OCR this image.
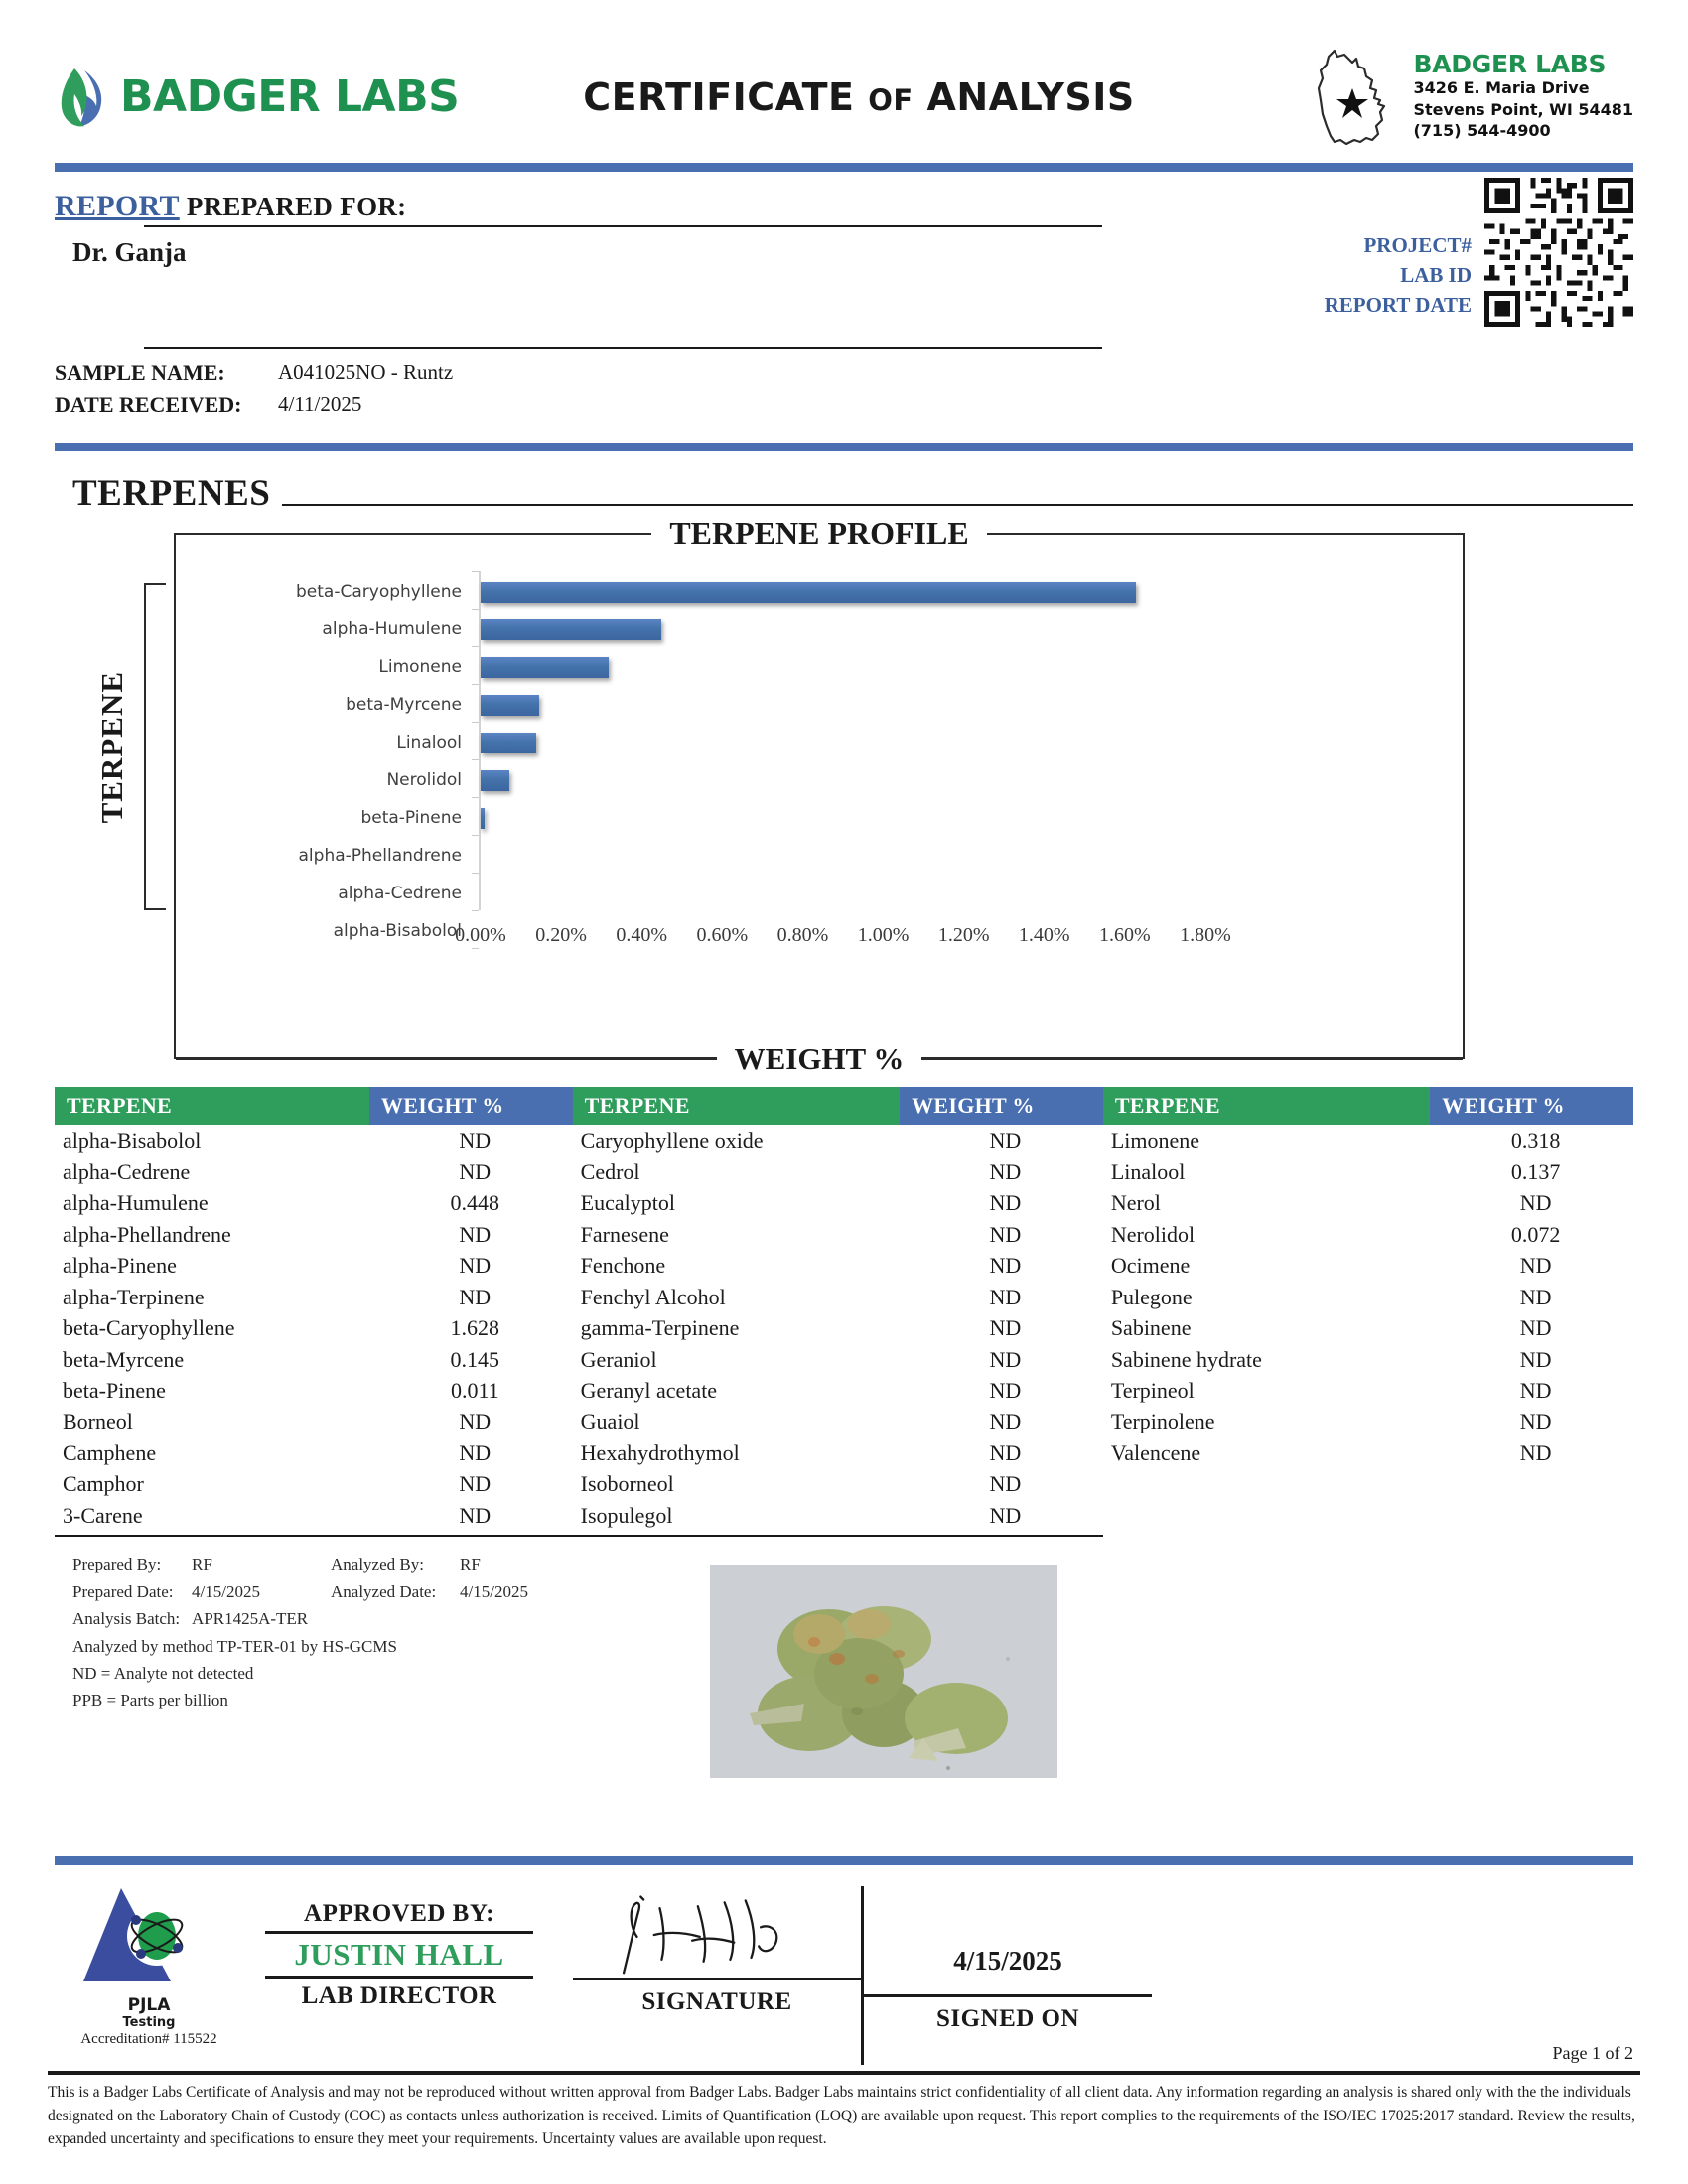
BADGER LABS	CERTIFICATE OF ANALYSIS
BADGER LABS
3426 E. Maria Drive
Stevens Point, WI 54481
(715) 544-4900
REPORT PREPARED FOR:
Dr. Ganja	PROJECT#
LAB ID
REPORT DATE
SAMPLE NAME:	A041025NO - Runtz
DATE RECEIVED:	4/11/2025
TERPENES
TERPENE PROFILE
TERPENE
beta-Caryophyllene
alpha-Humulene
Limonene
beta-Myrcene
Linalool
Nerolidol
beta-Pinene
alpha-Phellandrene
alpha-Cedrene
alpha-Bisabolol
0.00% 0.20% 0.40% 0.60% 0.80% 1.00% 1.20% 1.40% 1.60% 1.80%
WEIGHT %
TERPENE	WEIGHT %	TERPENE	WEIGHT %	TERPENE	WEIGHT %
alpha-Bisabolol	ND	Caryophyllene oxide	ND	Limonene	0.318
alpha-Cedrene	ND	Cedrol	ND	Linalool	0.137
alpha-Humulene	0.448	Eucalyptol	ND	Nerol	ND
alpha-Phellandrene	ND	Farnesene	ND	Nerolidol	0.072
alpha-Pinene	ND	Fenchone	ND	Ocimene	ND
alpha-Terpinene	ND	Fenchyl Alcohol	ND	Pulegone	ND
beta-Caryophyllene	1.628	gamma-Terpinene	ND	Sabinene	ND
beta-Myrcene	0.145	Geraniol	ND	Sabinene hydrate	ND
beta-Pinene	0.011	Geranyl acetate	ND	Terpineol	ND
Borneol	ND	Guaiol	ND	Terpinolene	ND
Camphene	ND	Hexahydrothymol	ND	Valencene	ND
Camphor	ND	Isoborneol	ND		
3-Carene	ND	Isopulegol	ND		
Prepared By:	RF	Analyzed By:	RF
Prepared Date:	4/15/2025	Analyzed Date:	4/15/2025
Analysis Batch: APR1425A-TER
Analyzed by method TP-TER-01 by HS-GCMS
ND = Analyte not detected
PPB = Parts per billion
PJLA
Testing
Accreditation# 115522
APPROVED BY:
JUSTIN HALL
LAB DIRECTOR	SIGNATURE
4/15/2025
SIGNED ON
Page 1 of 2
This is a Badger Labs Certificate of Analysis and may not be reproduced without written approval from Badger Labs. Badger Labs maintains strict confidentiality of all client data. Any information regarding an analysis is shared only with the the individuals designated on the Laboratory Chain of Custody (COC) as contacts unless authorization is received. Limits of Quantification (LOQ) are available upon request. This report complies to the requirements of the ISO/IEC 17025:2017 standard. Review the results, expanded uncertainty and specifications to ensure they meet your requirements. Uncertainty values are available upon request.
